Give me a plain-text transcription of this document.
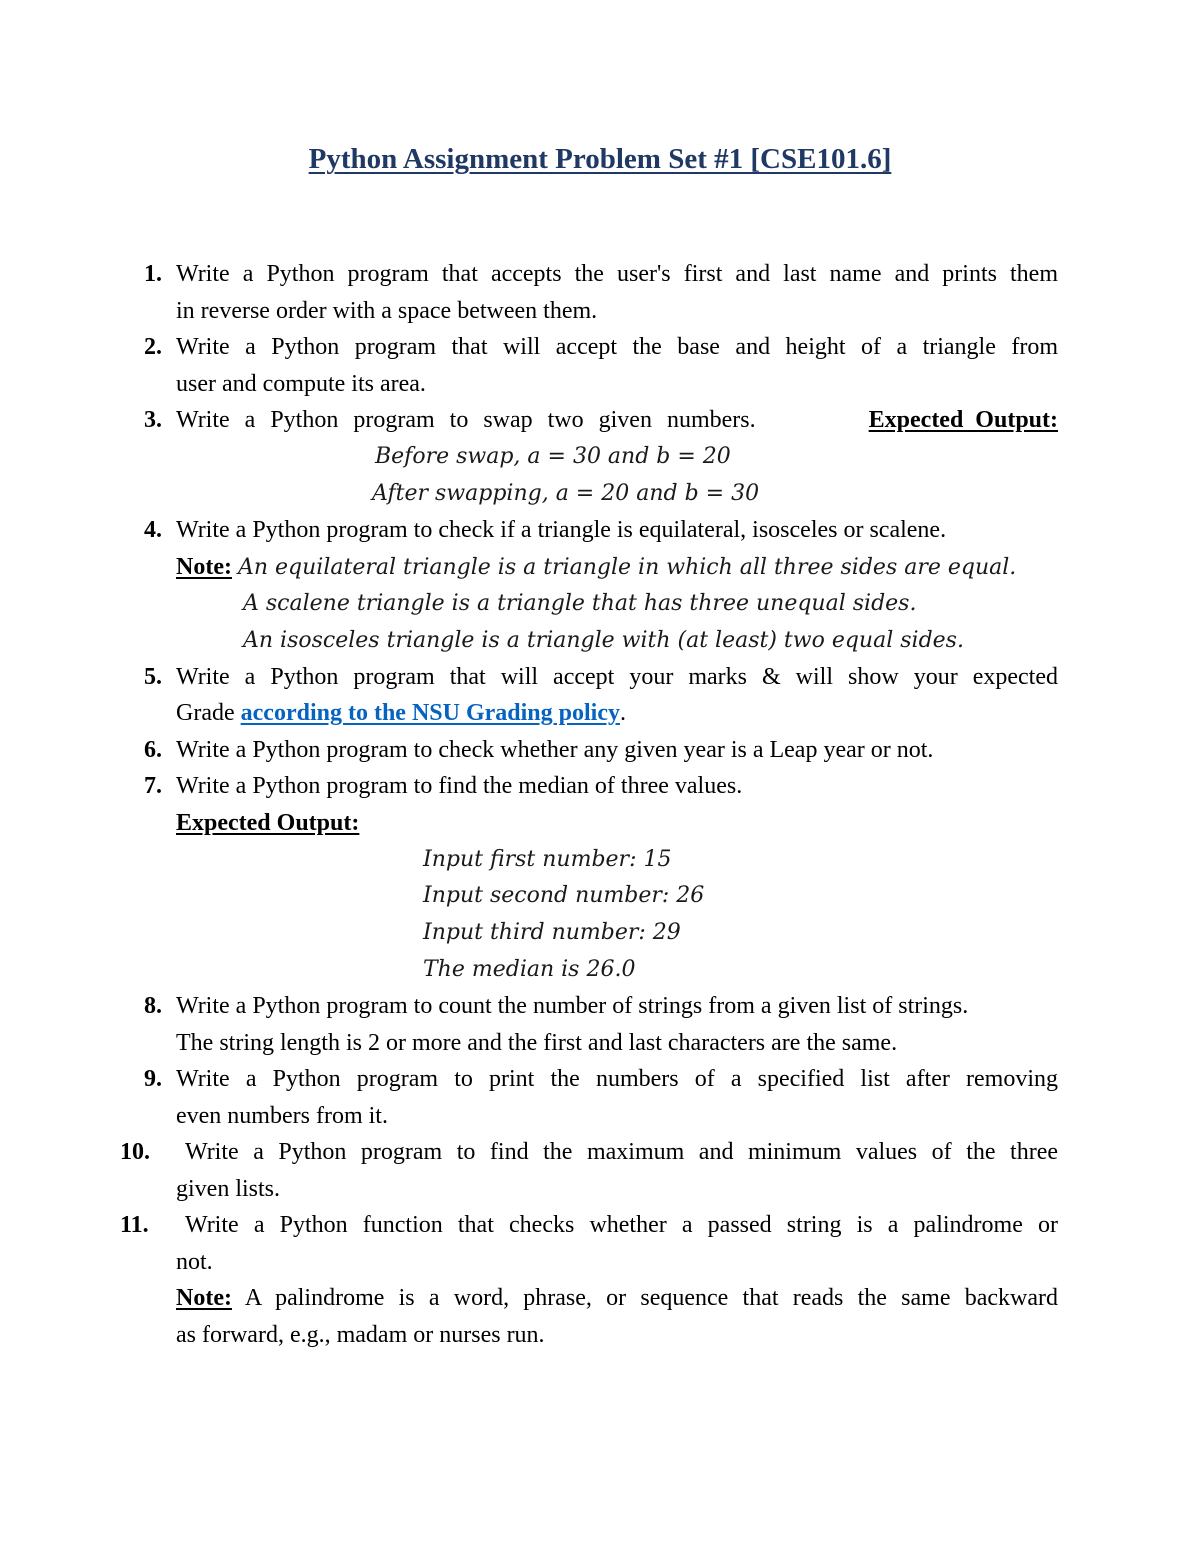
Python Assignment Problem Set #1 [CSE101.6]
1. Write a Python program that accepts the user's first and last name and prints them
in reverse order with a space between them.
2. Write a Python program that will accept the base and height of a triangle from
user and compute its area.
3. Write a Python program to swap two given numbers.	Expected Output:
Before swap, a = 30 and b = 20
After swapping, a = 20 and b = 30
4. Write a Python program to check if a triangle is equilateral, isosceles or scalene.
Note: An equilateral triangle is a triangle in which all three sides are equal.
A scalene triangle is a triangle that has three unequal sides.
An isosceles triangle is a triangle with (at least) two equal sides.
5. Write a Python program that will accept your marks & will show your expected
Grade according to the NSU Grading policy.
6. Write a Python program to check whether any given year is a Leap year or not.
7. Write a Python program to find the median of three values.
Expected Output:
Input first number: 15
Input second number: 26
Input third number: 29
The median is 26.0
8. Write a Python program to count the number of strings from a given list of strings.
The string length is 2 or more and the first and last characters are the same.
9. Write a Python program to print the numbers of a specified list after removing
even numbers from it.
10.	Write a Python program to find the maximum and minimum values of the three
given lists.
11.	Write a Python function that checks whether a passed string is a palindrome or
not.
Note: A palindrome is a word, phrase, or sequence that reads the same backward
as forward, e.g., madam or nurses run.
